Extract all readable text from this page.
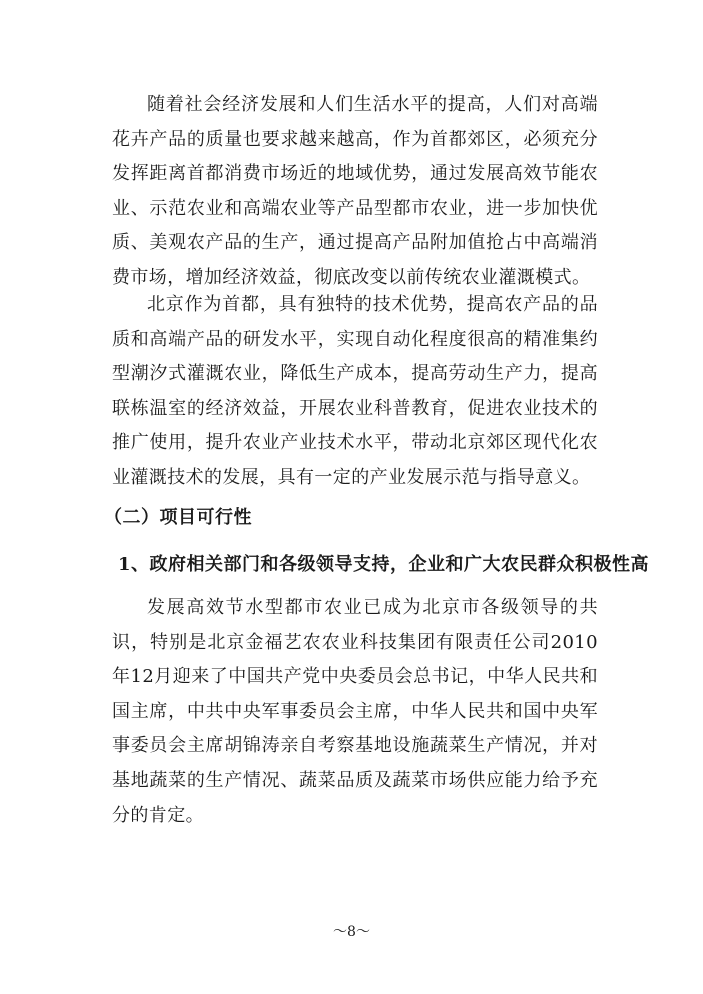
随着社会经济发展和人们生活水平的提高，人们对高端花卉产品的质量也要求越来越高，作为首都郊区，必须充分发挥距离首都消费市场近的地域优势，通过发展高效节能农业、示范农业和高端农业等产品型都市农业，进一步加快优质、美观农产品的生产，通过提高产品附加值抢占中高端消费市场，增加经济效益，彻底改变以前传统农业灌溉模式。

北京作为首都，具有独特的技术优势，提高农产品的品质和高端产品的研发水平，实现自动化程度很高的精准集约型潮汐式灌溉农业，降低生产成本，提高劳动生产力，提高联栋温室的经济效益，开展农业科普教育，促进农业技术的推广使用，提升农业产业技术水平，带动北京郊区现代化农业灌溉技术的发展，具有一定的产业发展示范与指导意义。

（二）项目可行性
1、政府相关部门和各级领导支持，企业和广大农民群众积极性高

发展高效节水型都市农业已成为北京市各级领导的共识，特别是北京金福艺农农业科技集团有限责任公司2010年12月迎来了中国共产党中央委员会总书记，中华人民共和国主席，中共中央军事委员会主席，中华人民共和国中央军事委员会主席胡锦涛亲自考察基地设施蔬菜生产情况，并对基地蔬菜的生产情况、蔬菜品质及蔬菜市场供应能力给予充分的肯定。

～8～
